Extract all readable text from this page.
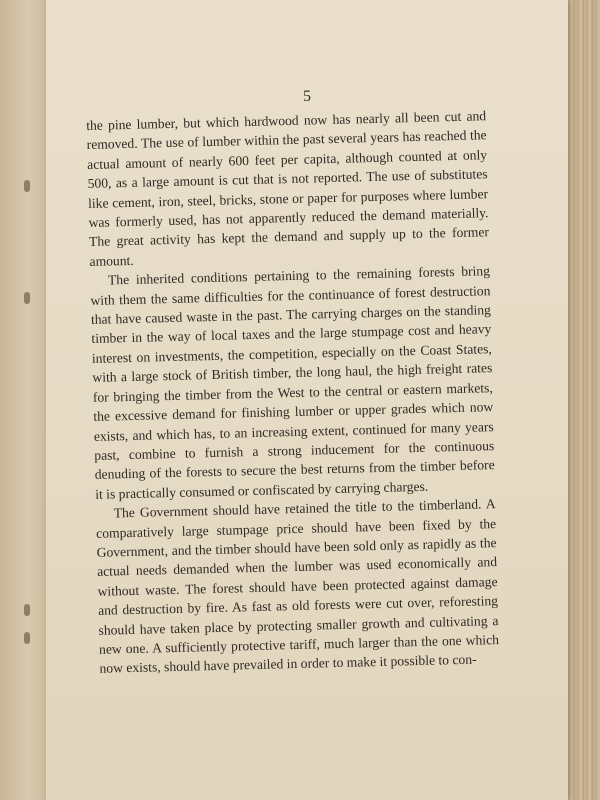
5

the pine lumber, but which hardwood now has nearly all been cut and removed. The use of lumber within the past several years has reached the actual amount of nearly 600 feet per capita, although counted at only 500, as a large amount is cut that is not reported. The use of substitutes like cement, iron, steel, bricks, stone or paper for purposes where lumber was formerly used, has not apparently reduced the demand materially. The great activity has kept the demand and supply up to the former amount.

The inherited conditions pertaining to the remaining forests bring with them the same difficulties for the continuance of forest destruction that have caused waste in the past. The carrying charges on the standing timber in the way of local taxes and the large stumpage cost and heavy interest on investments, the competition, especially on the Coast States, with a large stock of British timber, the long haul, the high freight rates for bringing the timber from the West to the central or eastern markets, the excessive demand for finishing lumber or upper grades which now exists, and which has, to an increasing extent, continued for many years past, combine to furnish a strong inducement for the continuous denuding of the forests to secure the best returns from the timber before it is practically consumed or confiscated by carrying charges.

The Government should have retained the title to the timberland. A comparatively large stumpage price should have been fixed by the Government, and the timber should have been sold only as rapidly as the actual needs demanded when the lumber was used economically and without waste. The forest should have been protected against damage and destruction by fire. As fast as old forests were cut over, reforesting should have taken place by protecting smaller growth and cultivating a new one. A sufficiently protective tariff, much larger than the one which now exists, should have prevailed in order to make it possible to con-
